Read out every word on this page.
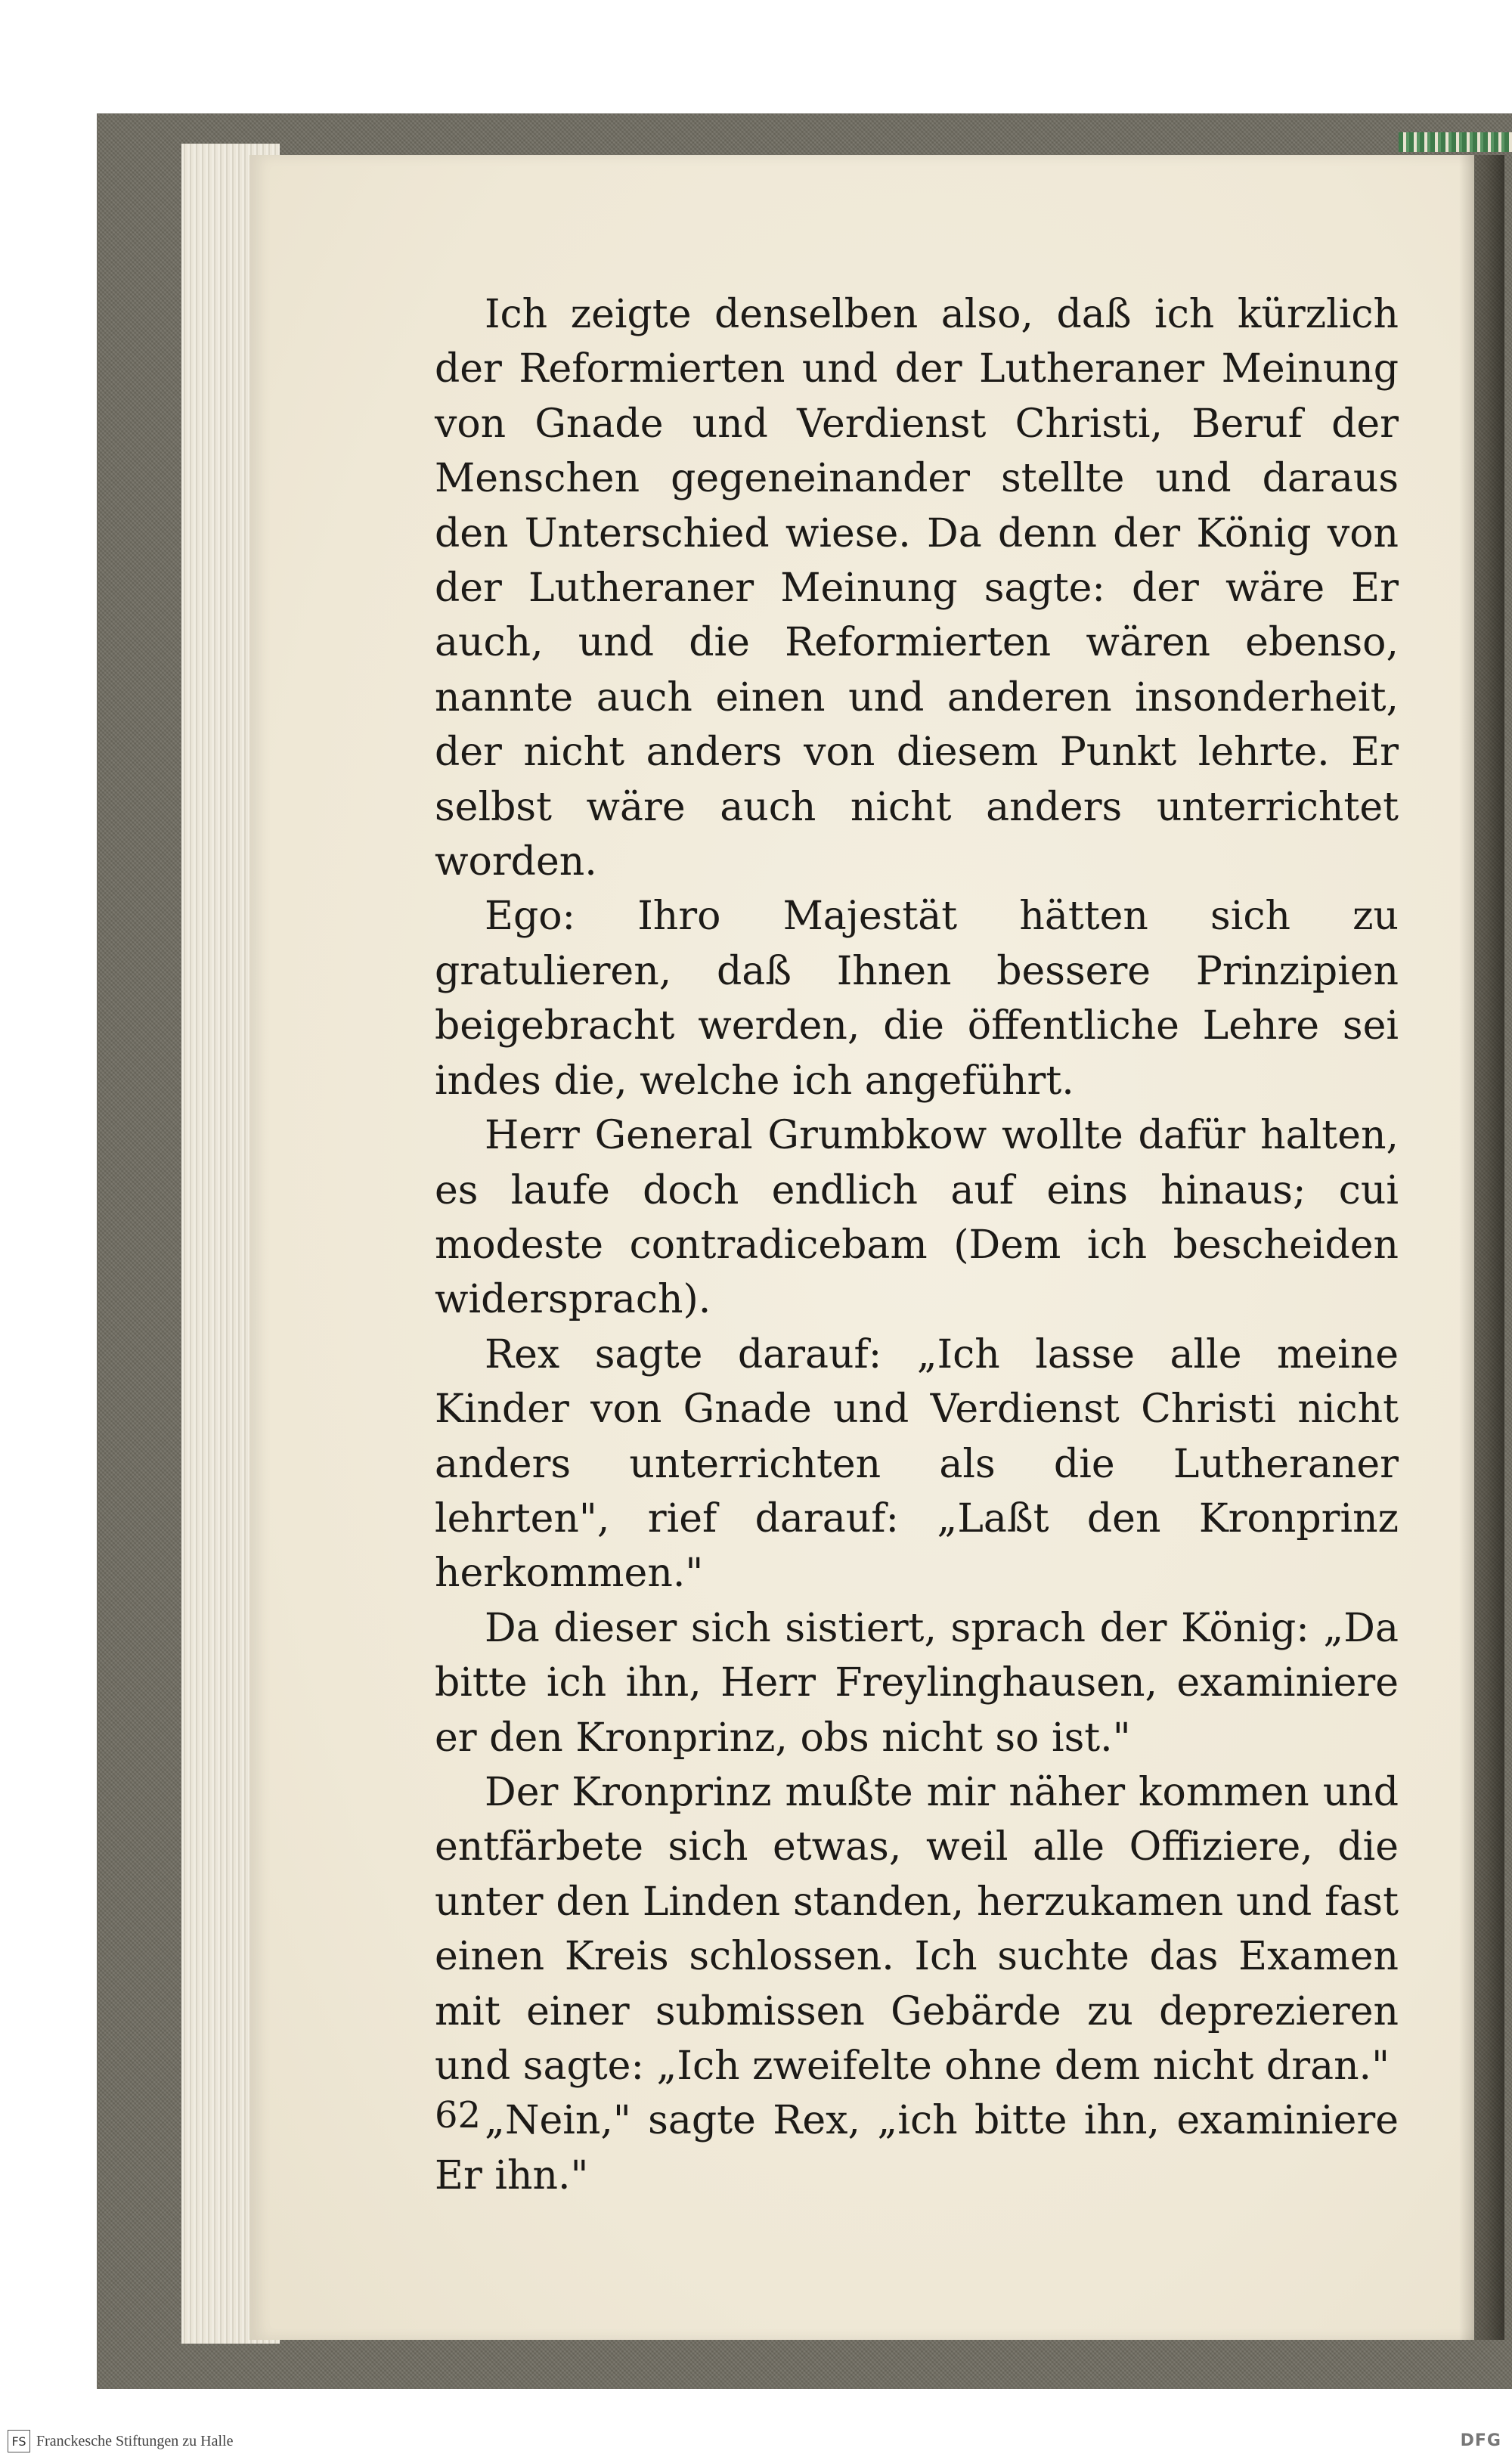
Ich zeigte denselben also, daß ich kürzlich der Reformierten und der Lutheraner Meinung von Gnade und Verdienst Christi, Beruf der Menschen gegeneinander stellte und daraus den Unterschied wiese. Da denn der König von der Lutheraner Meinung sagte: der wäre Er auch, und die Reformierten wären ebenso, nannte auch einen und anderen insonderheit, der nicht anders von diesem Punkt lehrte. Er selbst wäre auch nicht anders unterrichtet worden.

Ego: Ihro Majestät hätten sich zu gratulieren, daß Ihnen bessere Prinzipien beigebracht werden, die öffentliche Lehre sei indes die, welche ich angeführt.

Herr General Grumbkow wollte dafür halten, es laufe doch endlich auf eins hinaus; cui modeste contradicebam (Dem ich bescheiden widersprach).

Rex sagte darauf: „Ich lasse alle meine Kinder von Gnade und Verdienst Christi nicht anders unterrichten als die Lutheraner lehrten", rief darauf: „Laßt den Kronprinz herkommen."

Da dieser sich sistiert, sprach der König: „Da bitte ich ihn, Herr Freylinghausen, examiniere er den Kronprinz, obs nicht so ist."

Der Kronprinz mußte mir näher kommen und entfärbete sich etwas, weil alle Offiziere, die unter den Linden standen, herzukamen und fast einen Kreis schlossen. Ich suchte das Examen mit einer submissen Gebärde zu deprezieren und sagte: „Ich zweifelte ohne dem nicht dran."

„Nein," sagte Rex, „ich bitte ihn, examiniere Er ihn."

62
FS Franckesche Stiftungen zu Halle	DFG
